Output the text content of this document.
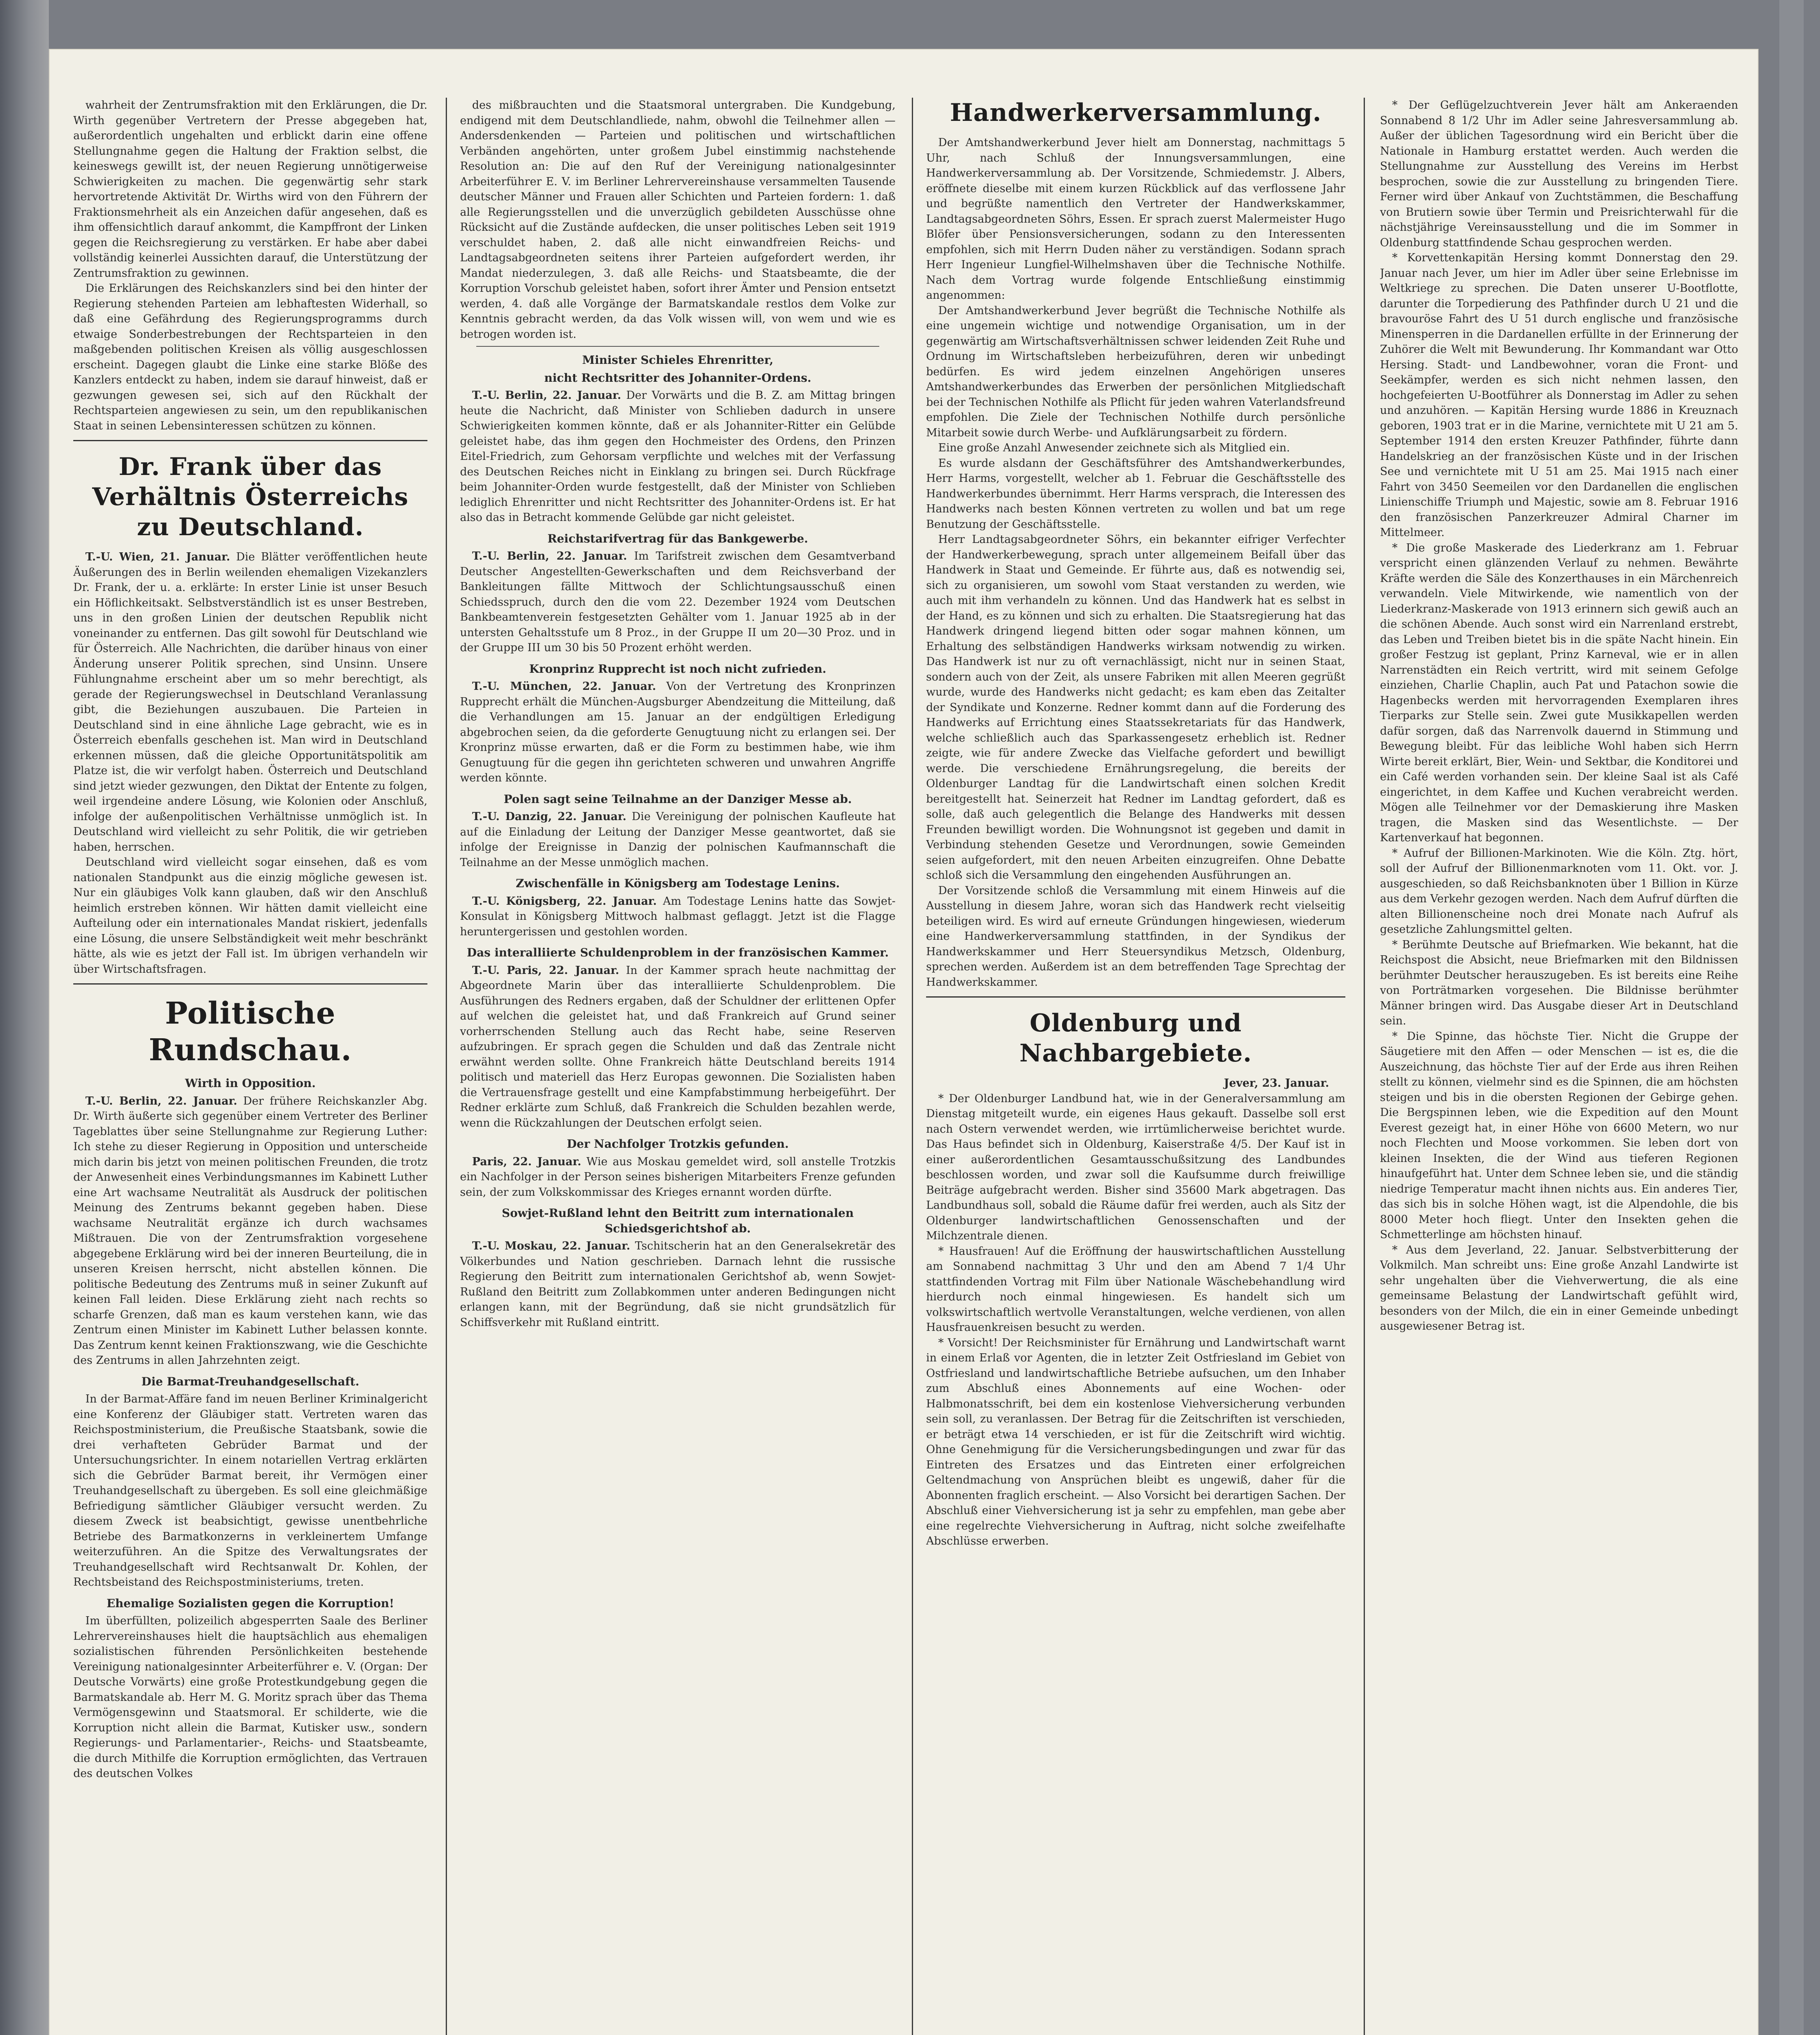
wahrheit der Zentrumsfraktion mit den Erklärungen, die Dr. Wirth gegenüber Vertretern der Presse abgegeben hat, außerordentlich ungehalten und erblickt darin eine offene Stellungnahme gegen die Haltung der Fraktion selbst, die keineswegs gewillt ist, der neuen Regierung unnötigerweise Schwierigkeiten zu machen. Die gegenwärtig sehr stark hervortretende Aktivität Dr. Wirths wird von den Führern der Fraktionsmehrheit als ein Anzeichen dafür angesehen, daß es ihm offensichtlich darauf ankommt, die Kampffront der Linken gegen die Reichsregierung zu verstärken. Er habe aber dabei vollständig keinerlei Aussichten darauf, die Unterstützung der Zentrumsfraktion zu gewinnen.

Die Erklärungen des Reichskanzlers sind bei den hinter der Regierung stehenden Parteien am lebhaftesten Widerhall, so daß eine Gefährdung des Regierungsprogramms durch etwaige Sonderbestrebungen der Rechtsparteien in den maßgebenden politischen Kreisen als völlig ausgeschlossen erscheint. Dagegen glaubt die Linke eine starke Blöße des Kanzlers entdeckt zu haben, indem sie darauf hinweist, daß er gezwungen gewesen sei, sich auf den Rückhalt der Rechtsparteien angewiesen zu sein, um den republikanischen Staat in seinen Lebensinteressen schützen zu können.

Dr. Frank über das Verhältnis Österreichs zu Deutschland.

T.-U. Wien, 21. Januar. Die Blätter veröffentlichen heute Äußerungen des in Berlin weilenden ehemaligen Vizekanzlers Dr. Frank, der u. a. erklärte: In erster Linie ist unser Besuch ein Höflichkeitsakt. Selbstverständlich ist es unser Bestreben, uns in den großen Linien der deutschen Republik nicht voneinander zu entfernen. Das gilt sowohl für Deutschland wie für Österreich. Alle Nachrichten, die darüber hinaus von einer Änderung unserer Politik sprechen, sind Unsinn. Unsere Fühlungnahme erscheint aber um so mehr berechtigt, als gerade der Regierungswechsel in Deutschland Veranlassung gibt, die Beziehungen auszubauen. Die Parteien in Deutschland sind in eine ähnliche Lage gebracht, wie es in Österreich ebenfalls geschehen ist. Man wird in Deutschland erkennen müssen, daß die gleiche Opportunitätspolitik am Platze ist, die wir verfolgt haben. Österreich und Deutschland sind jetzt wieder gezwungen, den Diktat der Entente zu folgen, weil irgendeine andere Lösung, wie Kolonien oder Anschluß, infolge der außenpolitischen Verhältnisse unmöglich ist. In Deutschland wird vielleicht zu sehr Politik, die wir getrieben haben, herrschen.

Deutschland wird vielleicht sogar einsehen, daß es vom nationalen Standpunkt aus die einzig mögliche gewesen ist. Nur ein gläubiges Volk kann glauben, daß wir den Anschluß heimlich erstreben können. Wir hätten damit vielleicht eine Aufteilung oder ein internationales Mandat riskiert, jedenfalls eine Lösung, die unsere Selbständigkeit weit mehr beschränkt hätte, als wie es jetzt der Fall ist. Im übrigen verhandeln wir über Wirtschaftsfragen.

Politische Rundschau.
Wirth in Opposition.

T.-U. Berlin, 22. Januar. Der frühere Reichskanzler Abg. Dr. Wirth äußerte sich gegenüber einem Vertreter des Berliner Tageblattes über seine Stellungnahme zur Regierung Luther: Ich stehe zu dieser Regierung in Opposition und unterscheide mich darin bis jetzt von meinen politischen Freunden, die trotz der Anwesenheit eines Verbindungsmannes im Kabinett Luther eine Art wachsame Neutralität als Ausdruck der politischen Meinung des Zentrums bekannt gegeben haben. Diese wachsame Neutralität ergänze ich durch wachsames Mißtrauen. Die von der Zentrumsfraktion vorgesehene abgegebene Erklärung wird bei der inneren Beurteilung, die in unseren Kreisen herrscht, nicht abstellen können. Die politische Bedeutung des Zentrums muß in seiner Zukunft auf keinen Fall leiden. Diese Erklärung zieht nach rechts so scharfe Grenzen, daß man es kaum verstehen kann, wie das Zentrum einen Minister im Kabinett Luther belassen konnte. Das Zentrum kennt keinen Fraktionszwang, wie die Geschichte des Zentrums in allen Jahrzehnten zeigt.

Die Barmat-Treuhandgesellschaft.

In der Barmat-Affäre fand im neuen Berliner Kriminalgericht eine Konferenz der Gläubiger statt. Vertreten waren das Reichspostministerium, die Preußische Staatsbank, sowie die drei verhafteten Gebrüder Barmat und der Untersuchungsrichter. In einem notariellen Vertrag erklärten sich die Gebrüder Barmat bereit, ihr Vermögen einer Treuhandgesellschaft zu übergeben. Es soll eine gleichmäßige Befriedigung sämtlicher Gläubiger versucht werden. Zu diesem Zweck ist beabsichtigt, gewisse unentbehrliche Betriebe des Barmatkonzerns in verkleinertem Umfange weiterzuführen. An die Spitze des Verwaltungsrates der Treuhandgesellschaft wird Rechtsanwalt Dr. Kohlen, der Rechtsbeistand des Reichspostministeriums, treten.

Ehemalige Sozialisten gegen die Korruption!

Im überfüllten, polizeilich abgesperrten Saale des Berliner Lehrervereinshauses hielt die hauptsächlich aus ehemaligen sozialistischen führenden Persönlichkeiten bestehende Vereinigung nationalgesinnter Arbeiterführer e. V. (Organ: Der Deutsche Vorwärts) eine große Protestkundgebung gegen die Barmatskandale ab. Herr M. G. Moritz sprach über das Thema Vermögensgewinn und Staatsmoral. Er schilderte, wie die Korruption nicht allein die Barmat, Kutisker usw., sondern Regierungs- und Parlamentarier-, Reichs- und Staatsbeamte, die durch Mithilfe die Korruption ermöglichten, das Vertrauen des deutschen Volkes

des mißbrauchten und die Staatsmoral untergraben. Die Kundgebung, endigend mit dem Deutschlandliede, nahm, obwohl die Teilnehmer allen — Andersdenkenden — Parteien und politischen und wirtschaftlichen Verbänden angehörten, unter großem Jubel einstimmig nachstehende Resolution an: Die auf den Ruf der Vereinigung nationalgesinnter Arbeiterführer E. V. im Berliner Lehrervereinshause versammelten Tausende deutscher Männer und Frauen aller Schichten und Parteien fordern: 1. daß alle Regierungsstellen und die unverzüglich gebildeten Ausschüsse ohne Rücksicht auf die Zustände aufdecken, die unser politisches Leben seit 1919 verschuldet haben, 2. daß alle nicht einwandfreien Reichs- und Landtagsabgeordneten seitens ihrer Parteien aufgefordert werden, ihr Mandat niederzulegen, 3. daß alle Reichs- und Staatsbeamte, die der Korruption Vorschub geleistet haben, sofort ihrer Ämter und Pension entsetzt werden, 4. daß alle Vorgänge der Barmatskandale restlos dem Volke zur Kenntnis gebracht werden, da das Volk wissen will, von wem und wie es betrogen worden ist.

Minister Schieles Ehrenritter,
nicht Rechtsritter des Johanniter-Ordens.

T.-U. Berlin, 22. Januar. Der Vorwärts und die B. Z. am Mittag bringen heute die Nachricht, daß Minister von Schlieben dadurch in unsere Schwierigkeiten kommen könnte, daß er als Johanniter-Ritter ein Gelübde geleistet habe, das ihm gegen den Hochmeister des Ordens, den Prinzen Eitel-Friedrich, zum Gehorsam verpflichte und welches mit der Verfassung des Deutschen Reiches nicht in Einklang zu bringen sei. Durch Rückfrage beim Johanniter-Orden wurde festgestellt, daß der Minister von Schlieben lediglich Ehrenritter und nicht Rechtsritter des Johanniter-Ordens ist. Er hat also das in Betracht kommende Gelübde gar nicht geleistet.

Reichstarifvertrag für das Bankgewerbe.

T.-U. Berlin, 22. Januar. Im Tarifstreit zwischen dem Gesamtverband Deutscher Angestellten-Gewerkschaften und dem Reichsverband der Bankleitungen fällte Mittwoch der Schlichtungsausschuß einen Schiedsspruch, durch den die vom 22. Dezember 1924 vom Deutschen Bankbeamtenverein festgesetzten Gehälter vom 1. Januar 1925 ab in der untersten Gehaltsstufe um 8 Proz., in der Gruppe II um 20—30 Proz. und in der Gruppe III um 30 bis 50 Prozent erhöht werden.

Kronprinz Rupprecht ist noch nicht zufrieden.

T.-U. München, 22. Januar. Von der Vertretung des Kronprinzen Rupprecht erhält die München-Augsburger Abendzeitung die Mitteilung, daß die Verhandlungen am 15. Januar an der endgültigen Erledigung abgebrochen seien, da die geforderte Genugtuung nicht zu erlangen sei. Der Kronprinz müsse erwarten, daß er die Form zu bestimmen habe, wie ihm Genugtuung für die gegen ihn gerichteten schweren und unwahren Angriffe werden könnte.

Polen sagt seine Teilnahme an der Danziger Messe ab.

T.-U. Danzig, 22. Januar. Die Vereinigung der polnischen Kaufleute hat auf die Einladung der Leitung der Danziger Messe geantwortet, daß sie infolge der Ereignisse in Danzig der polnischen Kaufmannschaft die Teilnahme an der Messe unmöglich machen.

Zwischenfälle in Königsberg am Todestage Lenins.

T.-U. Königsberg, 22. Januar. Am Todestage Lenins hatte das Sowjet-Konsulat in Königsberg Mittwoch halbmast geflaggt. Jetzt ist die Flagge heruntergerissen und gestohlen worden.

Das interalliierte Schuldenproblem in der französischen Kammer.

T.-U. Paris, 22. Januar. In der Kammer sprach heute nachmittag der Abgeordnete Marin über das interalliierte Schuldenproblem. Die Ausführungen des Redners ergaben, daß der Schuldner der erlittenen Opfer auf welchen die geleistet hat, und daß Frankreich auf Grund seiner vorherrschenden Stellung auch das Recht habe, seine Reserven aufzubringen. Er sprach gegen die Schulden und daß das Zentrale nicht erwähnt werden sollte. Ohne Frankreich hätte Deutschland bereits 1914 politisch und materiell das Herz Europas gewonnen. Die Sozialisten haben die Vertrauensfrage gestellt und eine Kampfabstimmung herbeigeführt. Der Redner erklärte zum Schluß, daß Frankreich die Schulden bezahlen werde, wenn die Rückzahlungen der Deutschen erfolgt seien.

Der Nachfolger Trotzkis gefunden.

Paris, 22. Januar. Wie aus Moskau gemeldet wird, soll anstelle Trotzkis ein Nachfolger in der Person seines bisherigen Mitarbeiters Frenze gefunden sein, der zum Volkskommissar des Krieges ernannt worden dürfte.

Sowjet-Rußland lehnt den Beitritt zum internationalen Schiedsgerichtshof ab.

T.-U. Moskau, 22. Januar. Tschitscherin hat an den Generalsekretär des Völkerbundes und Nation geschrieben. Darnach lehnt die russische Regierung den Beitritt zum internationalen Gerichtshof ab, wenn Sowjet-Rußland den Beitritt zum Zollabkommen unter anderen Bedingungen nicht erlangen kann, mit der Begründung, daß sie nicht grundsätzlich für Schiffsverkehr mit Rußland eintritt.

Handwerkerversammlung.

Der Amtshandwerkerbund Jever hielt am Donnerstag, nachmittags 5 Uhr, nach Schluß der Innungsversammlungen, eine Handwerkerversammlung ab. Der Vorsitzende, Schmiedemstr. J. Albers, eröffnete dieselbe mit einem kurzen Rückblick auf das verflossene Jahr und begrüßte namentlich den Vertreter der Handwerkskammer, Landtagsabgeordneten Söhrs, Essen. Er sprach zuerst Malermeister Hugo Blöfer über Pensionsversicherungen, sodann zu den Interessenten empfohlen, sich mit Herrn Duden näher zu verständigen. Sodann sprach Herr Ingenieur Lungfiel-Wilhelmshaven über die Technische Nothilfe. Nach dem Vortrag wurde folgende Entschließung einstimmig angenommen:

Der Amtshandwerkerbund Jever begrüßt die Technische Nothilfe als eine ungemein wichtige und notwendige Organisation, um in der gegenwärtig am Wirtschaftsverhältnissen schwer leidenden Zeit Ruhe und Ordnung im Wirtschaftsleben herbeizuführen, deren wir unbedingt bedürfen. Es wird jedem einzelnen Angehörigen unseres Amtshandwerkerbundes das Erwerben der persönlichen Mitgliedschaft bei der Technischen Nothilfe als Pflicht für jeden wahren Vaterlandsfreund empfohlen. Die Ziele der Technischen Nothilfe durch persönliche Mitarbeit sowie durch Werbe- und Aufklärungsarbeit zu fördern.

Eine große Anzahl Anwesender zeichnete sich als Mitglied ein.

Es wurde alsdann der Geschäftsführer des Amtshandwerkerbundes, Herr Harms, vorgestellt, welcher ab 1. Februar die Geschäftsstelle des Handwerkerbundes übernimmt. Herr Harms versprach, die Interessen des Handwerks nach besten Können vertreten zu wollen und bat um rege Benutzung der Geschäftsstelle.

Herr Landtagsabgeordneter Söhrs, ein bekannter eifriger Verfechter der Handwerkerbewegung, sprach unter allgemeinem Beifall über das Handwerk in Staat und Gemeinde. Er führte aus, daß es notwendig sei, sich zu organisieren, um sowohl vom Staat verstanden zu werden, wie auch mit ihm verhandeln zu können. Und das Handwerk hat es selbst in der Hand, es zu können und sich zu erhalten. Die Staatsregierung hat das Handwerk dringend liegend bitten oder sogar mahnen können, um Erhaltung des selbständigen Handwerks wirksam notwendig zu wirken. Das Handwerk ist nur zu oft vernachlässigt, nicht nur in seinen Staat, sondern auch von der Zeit, als unsere Fabriken mit allen Meeren gegrüßt wurde, wurde des Handwerks nicht gedacht; es kam eben das Zeitalter der Syndikate und Konzerne. Redner kommt dann auf die Forderung des Handwerks auf Errichtung eines Staatssekretariats für das Handwerk, welche schließlich auch das Sparkassengesetz erheblich ist. Redner zeigte, wie für andere Zwecke das Vielfache gefordert und bewilligt werde. Die verschiedene Ernährungsregelung, die bereits der Oldenburger Landtag für die Landwirtschaft einen solchen Kredit bereitgestellt hat. Seinerzeit hat Redner im Landtag gefordert, daß es solle, daß auch gelegentlich die Belange des Handwerks mit dessen Freunden bewilligt worden. Die Wohnungsnot ist gegeben und damit in Verbindung stehenden Gesetze und Verordnungen, sowie Gemeinden seien aufgefordert, mit den neuen Arbeiten einzugreifen. Ohne Debatte schloß sich die Versammlung den eingehenden Ausführungen an.

Der Vorsitzende schloß die Versammlung mit einem Hinweis auf die Ausstellung in diesem Jahre, woran sich das Handwerk recht vielseitig beteiligen wird. Es wird auf erneute Gründungen hingewiesen, wiederum eine Handwerkerversammlung stattfinden, in der Syndikus der Handwerkskammer und Herr Steuersyndikus Metzsch, Oldenburg, sprechen werden. Außerdem ist an dem betreffenden Tage Sprechtag der Handwerkskammer.

Oldenburg und Nachbargebiete.

Jever, 23. Januar.

* Der Oldenburger Landbund hat, wie in der Generalversammlung am Dienstag mitgeteilt wurde, ein eigenes Haus gekauft. Dasselbe soll erst nach Ostern verwendet werden, wie irrtümlicherweise berichtet wurde. Das Haus befindet sich in Oldenburg, Kaiserstraße 4/5. Der Kauf ist in einer außerordentlichen Gesamtausschußsitzung des Landbundes beschlossen worden, und zwar soll die Kaufsumme durch freiwillige Beiträge aufgebracht werden. Bisher sind 35600 Mark abgetragen. Das Landbundhaus soll, sobald die Räume dafür frei werden, auch als Sitz der Oldenburger landwirtschaftlichen Genossenschaften und der Milchzentrale dienen.

* Hausfrauen! Auf die Eröffnung der hauswirtschaftlichen Ausstellung am Sonnabend nachmittag 3 Uhr und den am Abend 7 1/4 Uhr stattfindenden Vortrag mit Film über Nationale Wäschebehandlung wird hierdurch noch einmal hingewiesen. Es handelt sich um volkswirtschaftlich wertvolle Veranstaltungen, welche verdienen, von allen Hausfrauenkreisen besucht zu werden.

* Vorsicht! Der Reichsminister für Ernährung und Landwirtschaft warnt in einem Erlaß vor Agenten, die in letzter Zeit Ostfriesland im Gebiet von Ostfriesland und landwirtschaftliche Betriebe aufsuchen, um den Inhaber zum Abschluß eines Abonnements auf eine Wochen- oder Halbmonatsschrift, bei dem ein kostenlose Viehversicherung verbunden sein soll, zu veranlassen. Der Betrag für die Zeitschriften ist verschieden, er beträgt etwa 14 verschieden, er ist für die Zeitschrift wird wichtig. Ohne Genehmigung für die Versicherungsbedingungen und zwar für das Eintreten des Ersatzes und das Eintreten einer erfolgreichen Geltendmachung von Ansprüchen bleibt es ungewiß, daher für die Abonnenten fraglich erscheint. — Also Vorsicht bei derartigen Sachen. Der Abschluß einer Viehversicherung ist ja sehr zu empfehlen, man gebe aber eine regelrechte Viehversicherung in Auftrag, nicht solche zweifelhafte Abschlüsse erwerben.

* Der Geflügelzuchtverein Jever hält am Ankeraenden Sonnabend 8 1/2 Uhr im Adler seine Jahresversammlung ab. Außer der üblichen Tagesordnung wird ein Bericht über die Nationale in Hamburg erstattet werden. Auch werden die Stellungnahme zur Ausstellung des Vereins im Herbst besprochen, sowie die zur Ausstellung zu bringenden Tiere. Ferner wird über Ankauf von Zuchtstämmen, die Beschaffung von Brutiern sowie über Termin und Preisrichterwahl für die nächstjährige Vereinsausstellung und die im Sommer in Oldenburg stattfindende Schau gesprochen werden.

* Korvettenkapitän Hersing kommt Donnerstag den 29. Januar nach Jever, um hier im Adler über seine Erlebnisse im Weltkriege zu sprechen. Die Daten unserer U-Bootflotte, darunter die Torpedierung des Pathfinder durch U 21 und die bravouröse Fahrt des U 51 durch englische und französische Minensperren in die Dardanellen erfüllte in der Erinnerung der Zuhörer die Welt mit Bewunderung. Ihr Kommandant war Otto Hersing. Stadt- und Landbewohner, voran die Front- und Seekämpfer, werden es sich nicht nehmen lassen, den hochgefeierten U-Bootführer als Donnerstag im Adler zu sehen und anzuhören. — Kapitän Hersing wurde 1886 in Kreuznach geboren, 1903 trat er in die Marine, vernichtete mit U 21 am 5. September 1914 den ersten Kreuzer Pathfinder, führte dann Handelskrieg an der französischen Küste und in der Irischen See und vernichtete mit U 51 am 25. Mai 1915 nach einer Fahrt von 3450 Seemeilen vor den Dardanellen die englischen Linienschiffe Triumph und Majestic, sowie am 8. Februar 1916 den französischen Panzerkreuzer Admiral Charner im Mittelmeer.

* Die große Maskerade des Liederkranz am 1. Februar verspricht einen glänzenden Verlauf zu nehmen. Bewährte Kräfte werden die Säle des Konzerthauses in ein Märchenreich verwandeln. Viele Mitwirkende, wie namentlich von der Liederkranz-Maskerade von 1913 erinnern sich gewiß auch an die schönen Abende. Auch sonst wird ein Narrenland erstrebt, das Leben und Treiben bietet bis in die späte Nacht hinein. Ein großer Festzug ist geplant, Prinz Karneval, wie er in allen Narrenstädten ein Reich vertritt, wird mit seinem Gefolge einziehen, Charlie Chaplin, auch Pat und Patachon sowie die Hagenbecks werden mit hervorragenden Exemplaren ihres Tierparks zur Stelle sein. Zwei gute Musikkapellen werden dafür sorgen, daß das Narrenvolk dauernd in Stimmung und Bewegung bleibt. Für das leibliche Wohl haben sich Herrn Wirte bereit erklärt, Bier, Wein- und Sektbar, die Konditorei und ein Café werden vorhanden sein. Der kleine Saal ist als Café eingerichtet, in dem Kaffee und Kuchen verabreicht werden. Mögen alle Teilnehmer vor der Demaskierung ihre Masken tragen, die Masken sind das Wesentlichste. — Der Kartenverkauf hat begonnen.

* Aufruf der Billionen-Markinoten. Wie die Köln. Ztg. hört, soll der Aufruf der Billionenmarknoten vom 11. Okt. vor. J. ausgeschieden, so daß Reichsbanknoten über 1 Billion in Kürze aus dem Verkehr gezogen werden. Nach dem Aufruf dürften die alten Billionenscheine noch drei Monate nach Aufruf als gesetzliche Zahlungsmittel gelten.

* Berühmte Deutsche auf Briefmarken. Wie bekannt, hat die Reichspost die Absicht, neue Briefmarken mit den Bildnissen berühmter Deutscher herauszugeben. Es ist bereits eine Reihe von Porträtmarken vorgesehen. Die Bildnisse berühmter Männer bringen wird. Das Ausgabe dieser Art in Deutschland sein.

* Die Spinne, das höchste Tier. Nicht die Gruppe der Säugetiere mit den Affen — oder Menschen — ist es, die die Auszeichnung, das höchste Tier auf der Erde aus ihren Reihen stellt zu können, vielmehr sind es die Spinnen, die am höchsten steigen und bis in die obersten Regionen der Gebirge gehen. Die Bergspinnen leben, wie die Expedition auf den Mount Everest gezeigt hat, in einer Höhe von 6600 Metern, wo nur noch Flechten und Moose vorkommen. Sie leben dort von kleinen Insekten, die der Wind aus tieferen Regionen hinaufgeführt hat. Unter dem Schnee leben sie, und die ständig niedrige Temperatur macht ihnen nichts aus. Ein anderes Tier, das sich bis in solche Höhen wagt, ist die Alpendohle, die bis 8000 Meter hoch fliegt. Unter den Insekten gehen die Schmetterlinge am höchsten hinauf.

* Aus dem Jeverland, 22. Januar. Selbstverbitterung der Volkmilch. Man schreibt uns: Eine große Anzahl Landwirte ist sehr ungehalten über die Viehverwertung, die als eine gemeinsame Belastung der Landwirtschaft gefühlt wird, besonders von der Milch, die ein in einer Gemeinde unbedingt ausgewiesener Betrag ist.
